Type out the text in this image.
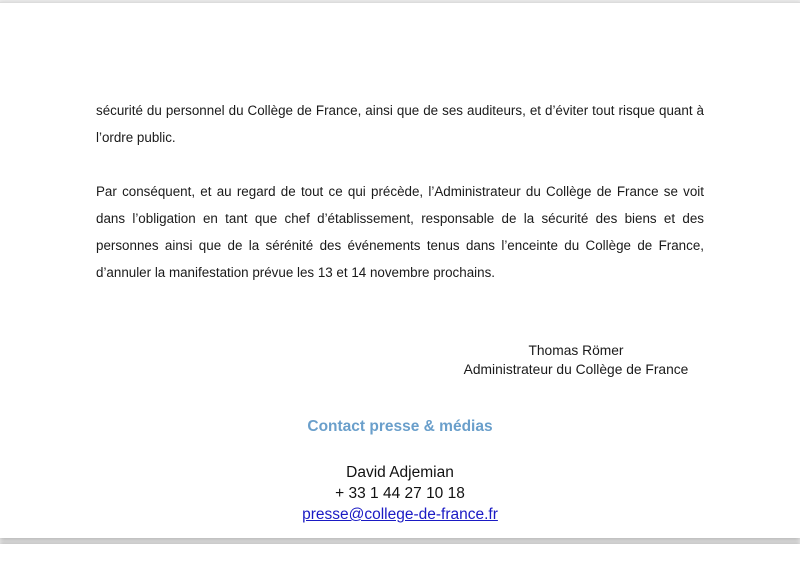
sécurité du personnel du Collège de France, ainsi que de ses auditeurs, et d’éviter tout risque quant à l’ordre public.

Par conséquent, et au regard de tout ce qui précède, l’Administrateur du Collège de France se voit dans l’obligation en tant que chef d’établissement, responsable de la sécurité des biens et des personnes ainsi que de la sérénité des événements tenus dans l’enceinte du Collège de France, d’annuler la manifestation prévue les 13 et 14 novembre prochains.

Thomas Römer
Administrateur du Collège de France
Contact presse & médias
David Adjemian
+ 33 1 44 27 10 18
presse@college-de-france.fr
